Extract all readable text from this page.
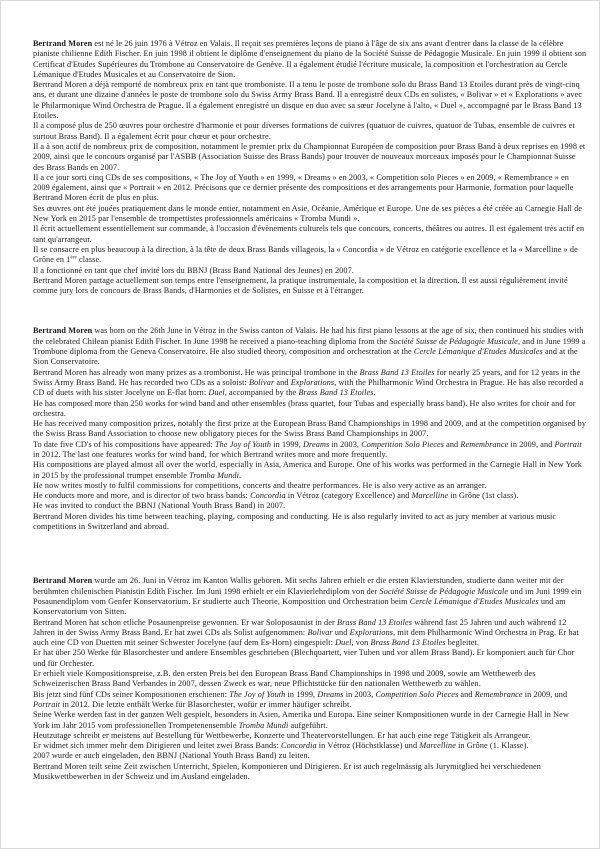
Bertrand Moren est né le 26 juin 1976 à Vétroz en Valais. Il reçoit ses premières leçons de piano à l'âge de six ans avant d'entrer dans la classe de la célèbre pianiste chilienne Edith Fischer. En juin 1998 il obtient le diplôme d'enseignement du piano de la Société Suisse de Pédagogie Musicale. En juin 1999 il obtient son Certificat d'Etudes Supérieures du Trombone au Conservatoire de Genève. Il a également étudié l'écriture musicale, la composition et l'orchestration au Cercle Lémanique d'Etudes Musicales et au Conservatoire de Sion.

Bertrand Moren a déjà remporté de nombreux prix en tant que tromboniste. Il a tenu le poste de trombone solo du Brass Band 13 Etoiles durant près de vingt-cinq ans, et durant une dizaine d'années le poste de trombone solo du Swiss Army Brass Band. Il a enregistré deux CDs en solistes, « Bolivar » et « Explorations » avec le Philarmonique Wind Orchestra de Prague. Il a également enregistré un disque en duo avec sa sœur Jocelyne à l'alto, « Duel », accompagné par le Brass Band 13 Etoiles.

Il a composé plus de 250 œuvres pour orchestre d'harmonie et pour diverses formations de cuivres (quatuor de cuivres, quatuor de Tubas, ensemble de cuivres et surtout Brass Band). Il a également écrit pour chœur et pour orchestre.

Il a à son actif de nombreux prix de composition, notamment le premier prix du Championnat Européen de composition pour Brass Band à deux reprises en 1998 et 2009, ainsi que le concours organisé par l'ASBB (Association Suisse des Brass Bands) pour trouver de nouveaux morceaux imposés pour le Championnat Suisse des Brass Bands en 2007.

Il a ce jour sorti cinq CDs de ses compositions, « The Joy of Youth » en 1999, « Dreams » en 2003, « Competition solo Pieces » en 2009, « Remembrance » en 2009 également, ainsi que « Portrait » en 2012. Précisons que ce dernier présente des compositions et des arrangements pour Harmonie, formation pour laquelle Bertrand Moren écrit de plus en plus.

Ses œuvres ont été jouées pratiquement dans le monde entier, notamment en Asie, Océanie, Amérique et Europe. Une de ses pièces a été créée au Carnegie Hall de New York en 2015 par l'ensemble de trompettistes professionnels américains « Tromba Mundi ».

Il écrit actuellement essentiellement sur commande, à l'occasion d'évènements culturels tels que concours, concerts, théâtres ou autres. Il est également très actif en tant qu'arrangeur.

Il se consacre en plus beaucoup à la direction, à la tête de deux Brass Bands villageois, la « Concordia » de Vétroz en catégorie excellence et la « Marcelline » de Grône en 1ère classe.

Il a fonctionné en tant que chef invité lors du BBNJ (Brass Band National des Jeunes) en 2007.

Bertrand Moren partage actuellement son temps entre l'enseignement, la pratique instrumentale, la composition et la direction. Il est aussi régulièrement invité comme jury lors de concours de Brass Bands, d'Harmonies et de Solistes, en Suisse et à l'étranger.

Bertrand Moren was born on the 26th June in Vétroz in the Swiss canton of Valais. He had his first piano lessons at the age of six, then continued his studies with the celebrated Chilean pianist Edith Fischer. In June 1998 he received a piano-teaching diploma from the Société Suisse de Pédagogie Musicale, and in June 1999 a Trombone diploma from the Geneva Conservatoire. He also studied theory, composition and orchestration at the Cercle Lémanique d'Etudes Musicales and at the Sion Conservatoire.

Bertrand Moren has already won many prizes as a trombonist. He was principal trombone in the Brass Band 13 Etoiles for nearly 25 years, and for 12 years in the Swiss Army Brass Band. He has recorded two CDs as a soloist: Bolivar and Explorations, with the Philharmonic Wind Orchestra in Prague. He has also recorded a CD of duets with his sister Jocelyne on E-flat horn: Duel, accompanied by the Brass Band 13 Etoiles.

He has composed more than 250 works for wind band and other ensembles (brass quartet, four Tubas and especially brass band). He also writes for choir and for orchestra.

He has received many composition prizes, notably the first prize at the European Brass Band Championships in 1998 and 2009, and at the competition organised by the Swiss Brass Band Association to choose new obligatory pieces for the Swiss Brass Band Championships in 2007.

To date five CD's of his compositions have appeared: The Joy of Youth in 1999, Dreams in 2003, Competition Solo Pieces and Remembrance in 2009, and Portrait in 2012. The last one features works for wind band, for which Bertrand writes more and more frequently.

His compositions are played almost all over the world, especially in Asia, America and Europe. One of his works was performed in the Carnegie Hall in New York in 2015 by the professional trumpet ensemble Tromba Mundi.

He now writes mostly to fulfil commissions for competitions, concerts and theatre performances. He is also very active as an arranger.

He conducts more and more, and is director of two brass bands: Concordia in Vétroz (category Excellence) and Marcelline in Grône (1st class).

He was invited to conduct the BBNJ (National Youth Brass Band) in 2007.

Bertrand Moren divides his time between teaching, playing, composing and conducting. He is also regularly invited to act as jury member at various music competitions in Switzerland and abroad.

Bertrand Moren wurde am 26. Juni in Vétroz im Kanton Wallis geboren. Mit sechs Jahren erhielt er die ersten Klavierstunden, studierte dann weiter mit der berühmten chilenischen Pianistin Edith Fischer. Im Juni 1998 erhielt er ein Klavierlehrdiplom von der Société Suisse de Pédagogie Musicale und im Juni 1999 ein Posaunendiplom vom Genfer Konservatorium. Er studierte auch Theorie, Komposition und Orchestration beim Cercle Lémanique d'Etudes Musicales und am Konservatorium von Sitten.

Bertrand Moren hat schon etliche Posaunenpreise gewonnen. Er war Soloposaunist in der Brass Band 13 Etoiles während fast 25 Jahren und auch während 12 Jahren in der Swiss Army Brass Band. Er hat zwei CDs als Solist aufgenommen: Bolivar und Explorations, mit dem Philharmonic Wind Orchestra in Prag. Er hat auch eine CD von Duetten mit seiner Schwester Jocelyne (auf dem Es-Horn) eingespielt: Duel, von Brass Band 13 Etoiles begleitet.

Er hat über 250 Werke für Blasorchester und andere Ensembles geschrieben (Blechquartett, vier Tuben und vor allem Brass Band). Er komponiert auch für Chor und für Orchester.

Er erhielt viele Kompositionspreise, z.B. den ersten Preis bei den European Brass Band Championships in 1998 und 2009, sowie am Wettbewerb des Schweizerischen Brass Band Verbandes in 2007, dessen Zweck es war, neue Pflichtstücke für den nationalen Wettbewerb zu wählen.

Bis jetzt sind fünf CDs seiner Kompositionen erschienen: The Joy of Youth in 1999, Dreams in 2003, Competition Solo Pieces and Remembrance in 2009, und Portrait in 2012. Die letzte enthält Werke für Blasorchester, wofür er immer häufiger schreibt.

Seine Werke werden fast in der ganzen Welt gespielt, besonders in Asien, Amerika und Europa. Eine seiner Kompositionen wurde in der Carnegie Hall in New York im Jahr 2015 vom professionellen Trompetenensemble Tromba Mundi aufgeführt.

Heutzutage schreibt er meistens auf Bestellung für Wettbewerbe, Konzerte und Theatervorstellungen. Er hat auch eine rege Tätigkeit als Arrangeur.

Er widmet sich immer mehr dem Dirigieren und leitet zwei Brass Bands: Concordia in Vétroz (Höchstklasse) und Marcelline in Grône (1. Klasse).

2007 wurde er auch eingeladen, den BBNJ (National Youth Brass Band) zu leiten.

Bertrand Moren teilt seine Zeit zwischen Unterricht, Spielen, Komponieren und Dirigieren. Er ist auch regelmässig als Jurymitglied bei verschiedenen Musikwettbewerben in der Schweiz und im Ausland eingeladen.
